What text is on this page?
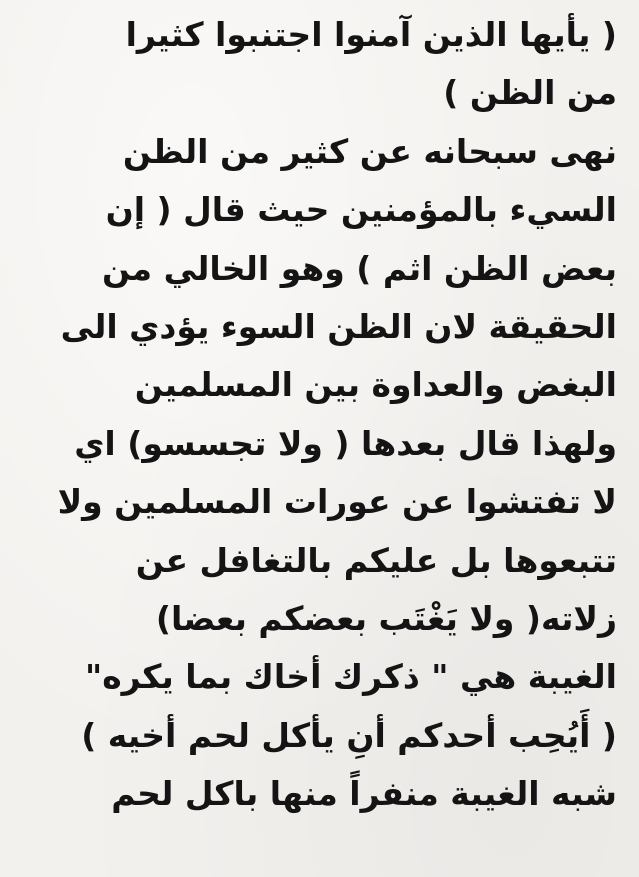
( يأيها الذين آمنوا اجتنبوا كثيرا
من الظن )
نهى سبحانه عن كثير من الظن
السيء بالمؤمنين حيث قال ( إن
بعض الظن اثم ) وهو الخالي من
الحقيقة لان الظن السوء يؤدي الى
البغض والعداوة بين المسلمين
ولهذا قال بعدها ( ولا تجسسو) اي
لا تفتشوا عن عورات المسلمين ولا
تتبعوها بل عليكم بالتغافل عن
زلاته( ولا يَغْتَب بعضكم بعضا)
الغيبة هي " ذكرك أخاك بما يكره"
( أَيُحِب أحدكم أنِ يأكل لحم أخيه )
شبه الغيبة منفراً منها باكل لحم
